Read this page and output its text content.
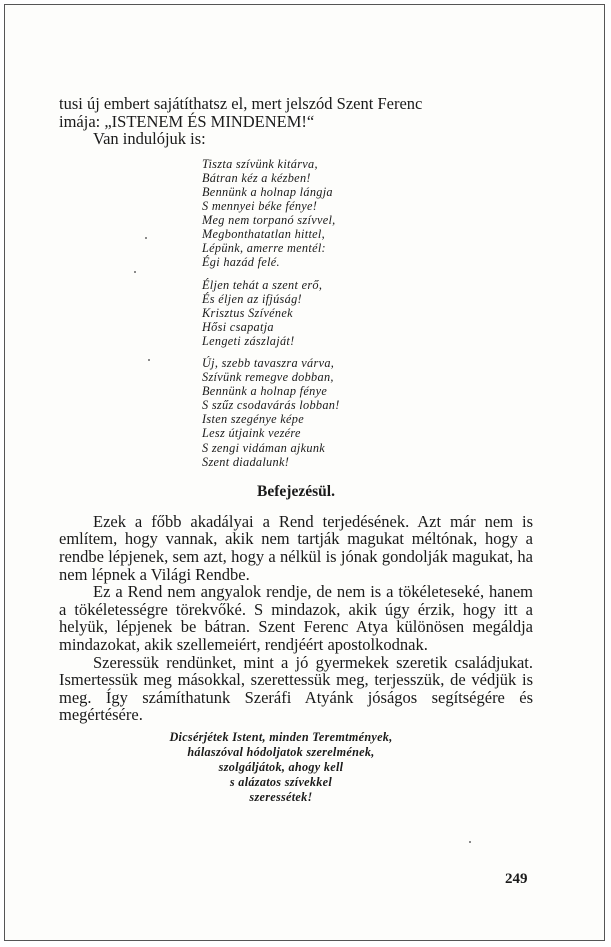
tusi új embert sajátíthatsz el, mert jelszód Szent Ferenc

imája: „ISTENEM ÉS MINDENEM!“

Van indulójuk is:

Tiszta szívünk kitárva,
Bátran kéz a kézben!
Bennünk a holnap lángja
S mennyei béke fénye!
Meg nem torpanó szívvel,
Megbonthatatlan hittel,
Lépünk, amerre mentél:
Égi hazád felé.
Éljen tehát a szent erő,
És éljen az ifjúság!
Krisztus Szívének
Hősi csapatja
Lengeti zászlaját!
Új, szebb tavaszra várva,
Szívünk remegve dobban,
Bennünk a holnap fénye
S szűz csodavárás lobban!
Isten szegénye képe
Lesz útjaink vezére
S zengi vidáman ajkunk
Szent diadalunk!
Befejezésül.

Ezek a főbb akadályai a Rend terjedésének. Azt már nem is említem, hogy vannak, akik nem tartják magukat méltónak, hogy a rendbe lépjenek, sem azt, hogy a nélkül is jónak gondolják magukat, ha nem lépnek a Világi Rendbe.

Ez a Rend nem angyalok rendje, de nem is a tökéleteseké, hanem a tökéletességre törekvőké. S mindazok, akik úgy érzik, hogy itt a helyük, lépjenek be bátran. Szent Ferenc Atya különösen megáldja mindazokat, akik szellemeiért, rendjéért apostolkodnak.

Szeressük rendünket, mint a jó gyermekek szeretik családjukat. Ismertessük meg másokkal, szerettessük meg, terjesszük, de védjük is meg. Így számíthatunk Szeráfi Atyánk jóságos segítségére és megértésére.

Dicsérjétek Istent, minden Teremtmények,
hálaszóval hódoljatok szerelmének,
szolgáljátok, ahogy kell
s alázatos szívekkel
szeressétek!
249
